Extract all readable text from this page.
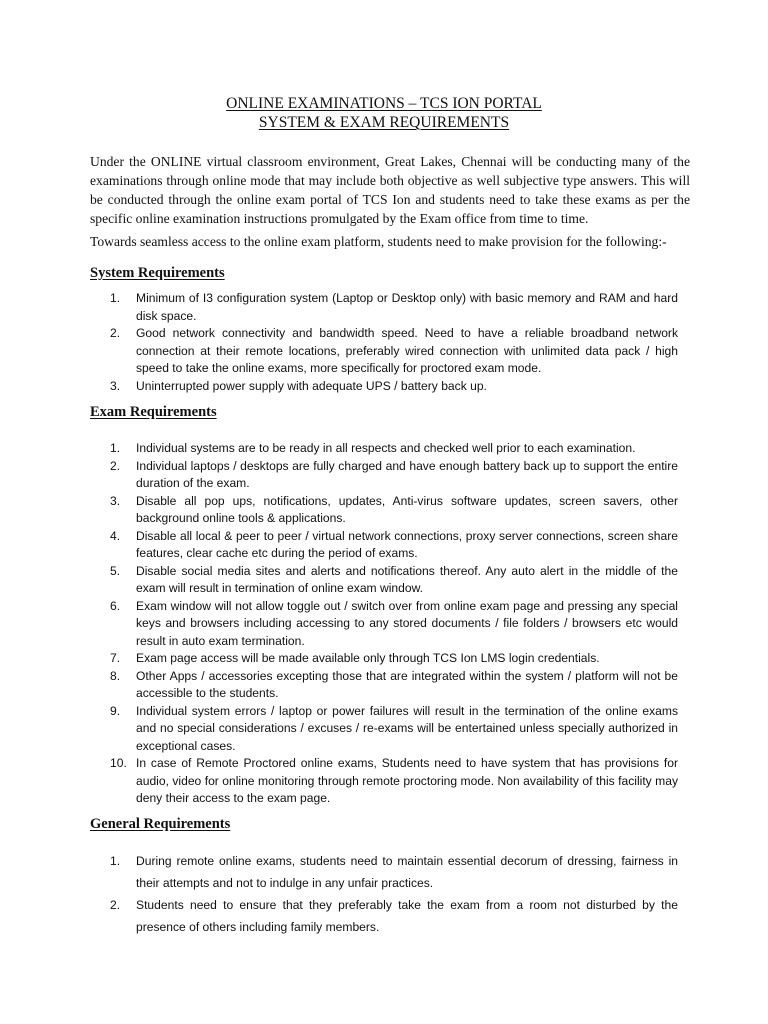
ONLINE EXAMINATIONS – TCS ION PORTAL
SYSTEM & EXAM REQUIREMENTS

Under the ONLINE virtual classroom environment, Great Lakes, Chennai will be conducting many of the examinations through online mode that may include both objective as well subjective type answers. This will be conducted through the online exam portal of TCS Ion and students need to take these exams as per the specific online examination instructions promulgated by the Exam office from time to time.

Towards seamless access to the online exam platform, students need to make provision for the following:-

System Requirements
1. Minimum of I3 configuration system (Laptop or Desktop only) with basic memory and RAM and hard disk space.
2. Good network connectivity and bandwidth speed. Need to have a reliable broadband network connection at their remote locations, preferably wired connection with unlimited data pack / high speed to take the online exams, more specifically for proctored exam mode.
3. Uninterrupted power supply with adequate UPS / battery back up.
Exam Requirements
1. Individual systems are to be ready in all respects and checked well prior to each examination.
2. Individual laptops / desktops are fully charged and have enough battery back up to support the entire duration of the exam.
3. Disable all pop ups, notifications, updates, Anti-virus software updates, screen savers, other background online tools & applications.
4. Disable all local & peer to peer / virtual network connections, proxy server connections, screen share features, clear cache etc during the period of exams.
5. Disable social media sites and alerts and notifications thereof. Any auto alert in the middle of the exam will result in termination of online exam window.
6. Exam window will not allow toggle out / switch over from online exam page and pressing any special keys and browsers including accessing to any stored documents / file folders / browsers etc would result in auto exam termination.
7. Exam page access will be made available only through TCS Ion LMS login credentials.
8. Other Apps / accessories excepting those that are integrated within the system / platform will not be accessible to the students.
9. Individual system errors / laptop or power failures will result in the termination of the online exams and no special considerations / excuses / re-exams will be entertained unless specially authorized in exceptional cases.
10. In case of Remote Proctored online exams, Students need to have system that has provisions for audio, video for online monitoring through remote proctoring mode. Non availability of this facility may deny their access to the exam page.
General Requirements
1. During remote online exams, students need to maintain essential decorum of dressing, fairness in their attempts and not to indulge in any unfair practices.
2. Students need to ensure that they preferably take the exam from a room not disturbed by the presence of others including family members.
